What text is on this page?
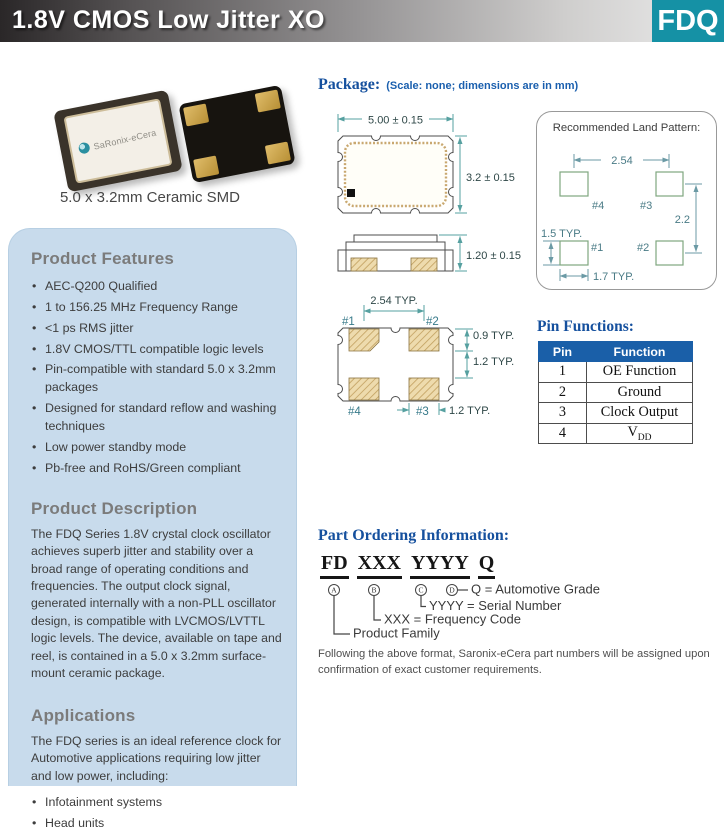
1.8V CMOS Low Jitter XO	FDQ
SaRonix-eCera
5.0 x 3.2mm Ceramic SMD
Product Features
• AEC-Q200 Qualified
• 1 to 156.25 MHz Frequency Range
• <1 ps RMS jitter
• 1.8V CMOS/TTL compatible logic levels
• Pin-compatible with standard 5.0 x 3.2mm packages
• Designed for standard reflow and washing techniques
• Low power standby mode
• Pb-free and RoHS/Green compliant
Product Description

The FDQ Series 1.8V crystal clock oscillator achieves superb jitter and stability over a broad range of operating conditions and frequencies. The output clock signal, generated internally with a non-PLL oscillator design, is compatible with LVCMOS/LVTTL logic levels. The device, available on tape and reel, is contained in a 5.0 x 3.2mm surface-mount ceramic package.

Applications

The FDQ series is an ideal reference clock for Automotive applications requiring low jitter and low power, including:

• Infotainment systems
• Head units
Package: (Scale: none; dimensions are in mm)
5.00 ± 0.15
3.2 ± 0.15
1.20 ± 0.15
2.54 TYP.
#1	#2
0.9 TYP.
1.2 TYP.
#4	#3 1.2 TYP.
Recommended Land Pattern:
2.54
2.2
1.5 TYP.
1.7 TYP.
#4	#3
#1	#2
Pin Functions:
Pin	Function
1	OE Function
2	Ground
3	Clock Output
4	$V_{DD}$
Part Ordering Information:
FD XXX YYYY Q
A	B	C	D Q = Automotive Grade
YYYY = Serial Number
XXX = Frequency Code
Product Family

Following the above format, Saronix-eCera part numbers will be assigned upon confirmation of exact customer requirements.
